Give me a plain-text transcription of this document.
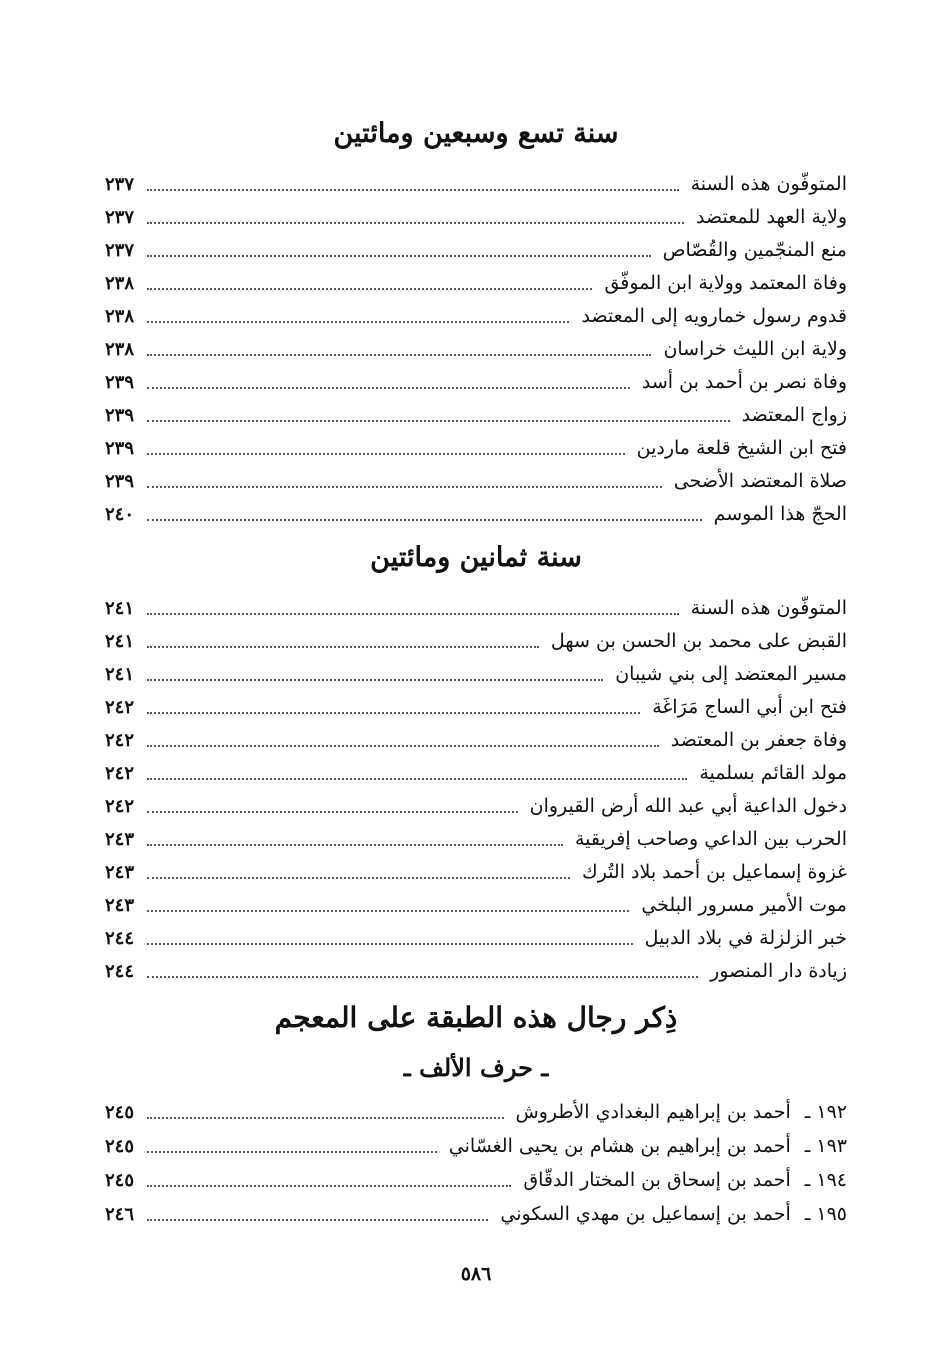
سنة تسع وسبعين ومائتين
المتوفّون هذه السنة
٢٣٧
ولاية العهد للمعتضد
٢٣٧
منع المنجّمين والقُصّاص
٢٣٧
وفاة المعتمد وولاية ابن الموفّق
٢٣٨
قدوم رسول خمارويه إلى المعتضد
٢٣٨
ولاية ابن الليث خراسان
٢٣٨
وفاة نصر بن أحمد بن أسد
٢٣٩
زواج المعتضد
٢٣٩
فتح ابن الشيخ قلعة ماردين
٢٣٩
صلاة المعتضد الأضحى
٢٣٩
الحجّ هذا الموسم
٢٤٠
سنة ثمانين ومائتين
المتوفّون هذه السنة
٢٤١
القبض على محمد بن الحسن بن سهل
٢٤١
مسير المعتضد إلى بني شيبان
٢٤١
فتح ابن أبي الساج مَرَاغَة
٢٤٢
وفاة جعفر بن المعتضد
٢٤٢
مولد القائم بسلمية
٢٤٢
دخول الداعية أبي عبد الله أرض القيروان
٢٤٢
الحرب بين الداعي وصاحب إفريقية
٢٤٣
غزوة إسماعيل بن أحمد بلاد التُرك
٢٤٣
موت الأمير مسرور البلخي
٢٤٣
خبر الزلزلة في بلاد الدبيل
٢٤٤
زيادة دار المنصور
٢٤٤
ذِكر رجال هذه الطبقة على المعجم
ـ حرف الألف ـ
١٩٢ ـ
أحمد بن إبراهيم البغدادي الأطروش
٢٤٥
١٩٣ ـ
أحمد بن إبراهيم بن هشام بن يحيى الغسّاني
٢٤٥
١٩٤ ـ
أحمد بن إسحاق بن المختار الدقّاق
٢٤٥
١٩٥ ـ
أحمد بن إسماعيل بن مهدي السكوني
٢٤٦
٥٨٦
